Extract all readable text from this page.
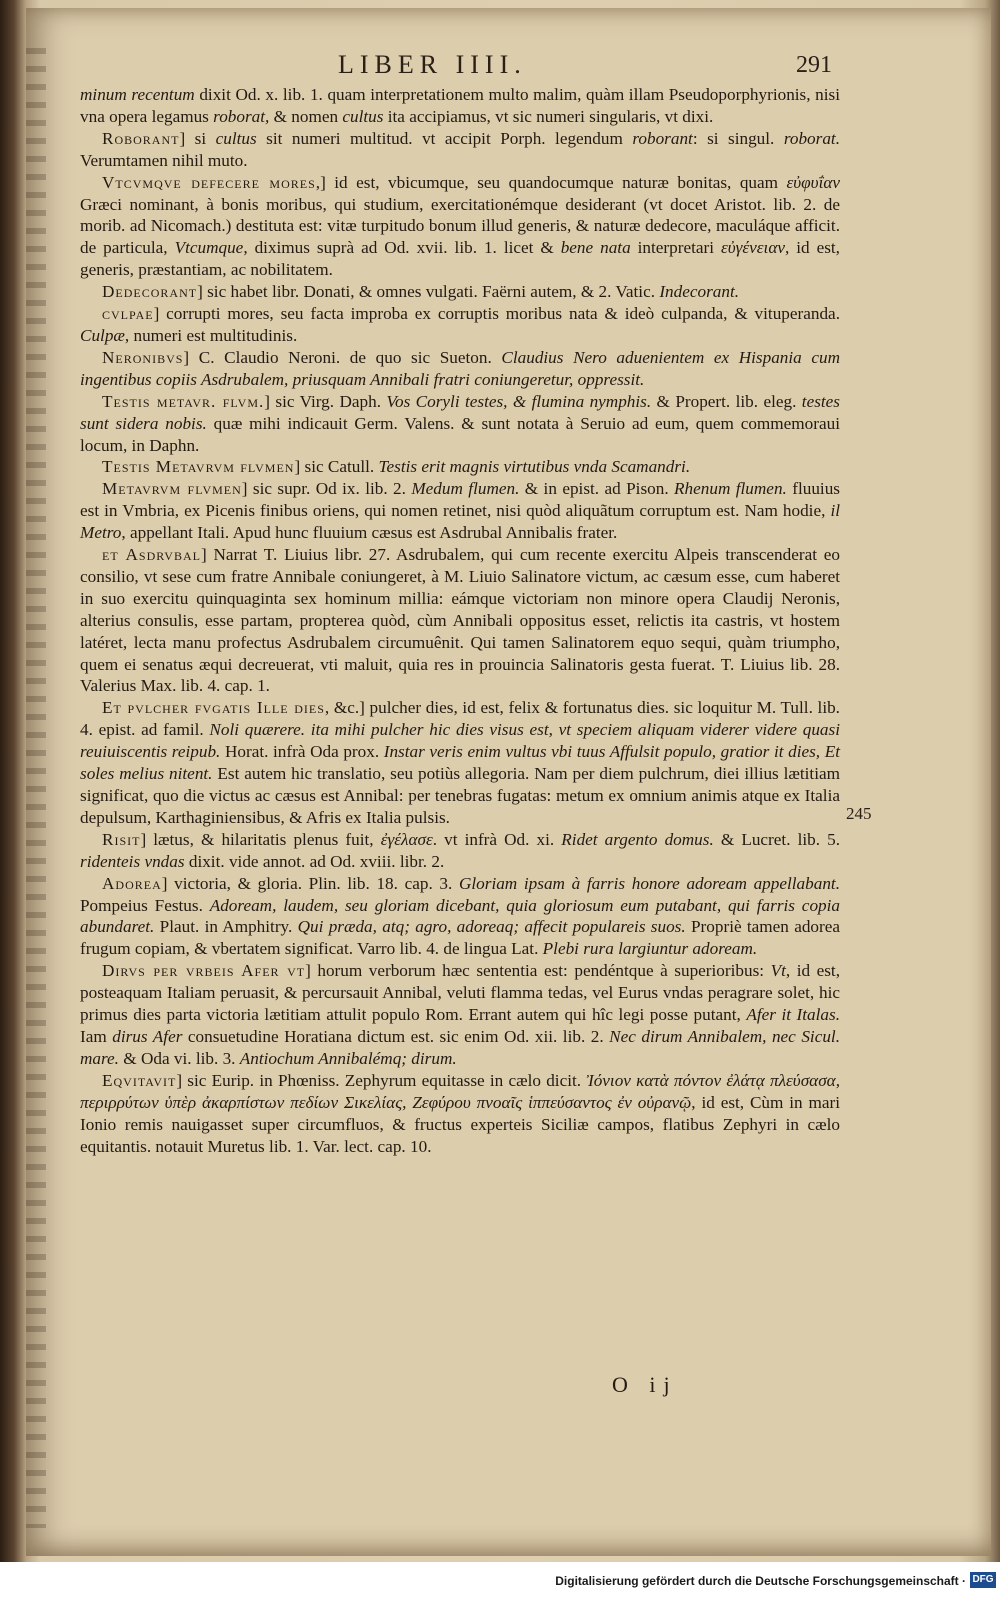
LIBER IIII.	291

minum recentum dixit Od. x. lib. 1. quam interpretationem multo malim, quàm illam Pseudoporphyrionis, nisi vna opera legamus roborat, & nomen cultus ita accipiamus, vt sic numeri singularis, vt dixi.

Roborant] si cultus sit numeri multitud. vt accipit Porph. legendum roborant: si singul. roborat. Verumtamen nihil muto.

Vtcvmqve defecere mores,] id est, vbicumque, seu quandocumque naturæ bonitas, quam εὐφυΐαν Græci nominant, à bonis moribus, qui studium, exercitationémque desiderant (vt docet Aristot. lib. 2. de morib. ad Nicomach.) destituta est: vitæ turpitudo bonum illud generis, & naturæ dedecore, maculáque afficit. de particula, Vtcumque, diximus suprà ad Od. xvii. lib. 1. licet & bene nata interpretari εὐγένειαν, id est, generis, præstantiam, ac nobilitatem.

Dedecorant] sic habet libr. Donati, & omnes vulgati. Faërni autem, & 2. Vatic. Indecorant.

cvlpae] corrupti mores, seu facta improba ex corruptis moribus nata & ideò culpanda, & vituperanda. Culpæ, numeri est multitudinis.

Neronibvs] C. Claudio Neroni. de quo sic Sueton. Claudius Nero aduenientem ex Hispania cum ingentibus copiis Asdrubalem, priusquam Annibali fratri coniungeretur, oppressit.

Testis metavr. flvm.] sic Virg. Daph. Vos Coryli testes, & flumina nymphis. & Propert. lib. eleg. testes sunt sidera nobis. quæ mihi indicauit Germ. Valens. & sunt notata à Seruio ad eum, quem commemoraui locum, in Daphn.

Testis Metavrvm flvmen] sic Catull. Testis erit magnis virtutibus vnda Scamandri.

Metavrvm flvmen] sic supr. Od ix. lib. 2. Medum flumen. & in epist. ad Pison. Rhenum flumen. fluuius est in Vmbria, ex Picenis finibus oriens, qui nomen retinet, nisi quòd aliquãtum corruptum est. Nam hodie, il Metro, appellant Itali. Apud hunc fluuium cæsus est Asdrubal Annibalis frater.

et Asdrvbal] Narrat T. Liuius libr. 27. Asdrubalem, qui cum recente exercitu Alpeis transcenderat eo consilio, vt sese cum fratre Annibale coniungeret, à M. Liuio Salinatore victum, ac cæsum esse, cum haberet in suo exercitu quinquaginta sex hominum millia: eámque victoriam non minore opera Claudij Neronis, alterius consulis, esse partam, propterea quòd, cùm Annibali oppositus esset, relictis ita castris, vt hostem latéret, lecta manu profectus Asdrubalem circumuênit. Qui tamen Salinatorem equo sequi, quàm triumpho, quem ei senatus æqui decreuerat, vti maluit, quia res in prouincia Salinatoris gesta fuerat. T. Liuius lib. 28. Valerius Max. lib. 4. cap. 1.

Et pvlcher fvgatis Ille dies, &c.] pulcher dies, id est, felix & fortunatus dies. sic loquitur M. Tull. lib. 4. epist. ad famil. Noli quærere. ita mihi pulcher hic dies visus est, vt speciem aliquam viderer videre quasi reuiuiscentis reipub. Horat. infrà Oda prox. Instar veris enim vultus vbi tuus Affulsit populo, gratior it dies, Et soles melius nitent. Est autem hic translatio, seu potiùs allegoria. Nam per diem pulchrum, diei illius lætitiam significat, quo die victus ac cæsus est Annibal: per tenebras fugatas: metum ex omnium animis atque ex Italia depulsum, Karthaginiensibus, & Afris ex Italia pulsis.

Risit] lætus, & hilaritatis plenus fuit, ἐγέλασε. vt infrà Od. xi. Ridet argento domus. & Lucret. lib. 5. ridenteis vndas dixit. vide annot. ad Od. xviii. libr. 2.

Adorea] victoria, & gloria. Plin. lib. 18. cap. 3. Gloriam ipsam à farris honore adoream appellabant. Pompeius Festus. Adoream, laudem, seu gloriam dicebant, quia gloriosum eum putabant, qui farris copia abundaret. Plaut. in Amphitry. Qui præda, atq; agro, adoreaq; affecit populareis suos. Propriè tamen adorea frugum copiam, & vbertatem significat. Varro lib. 4. de lingua Lat. Plebi rura largiuntur adoream.

Dirvs per vrbeis Afer vt] horum verborum hæc sententia est: pendéntque à superioribus: Vt, id est, posteaquam Italiam peruasit, & percursauit Annibal, veluti flamma tedas, vel Eurus vndas peragrare solet, hic primus dies parta victoria lætitiam attulit populo Rom. Errant autem qui hîc legi posse putant, Afer it Italas. Iam dirus Afer consuetudine Horatiana dictum est. sic enim Od. xii. lib. 2. Nec dirum Annibalem, nec Sicul. mare. & Oda vi. lib. 3. Antiochum Annibalémq; dirum.

Eqvitavit] sic Eurip. in Phœniss. Zephyrum equitasse in cælo dicit. Ἰόνιον κατὰ πόντον ἐλάτᾳ πλεύσασα, περιρρύτων ὑπὲρ ἀκαρπίστων πεδίων Σικελίας, Ζεφύρου πνοαῖς ἱππεύσαντος ἐν οὐρανῷ, id est, Cùm in mari Ionio remis nauigasset super circumfluos, & fructus experteis Siciliæ campos, flatibus Zephyri in cælo equitantis. notauit Muretus lib. 1. Var. lect. cap. 10.

245
O ij
Digitalisierung gefördert durch die Deutsche Forschungsgemeinschaft · DFG
